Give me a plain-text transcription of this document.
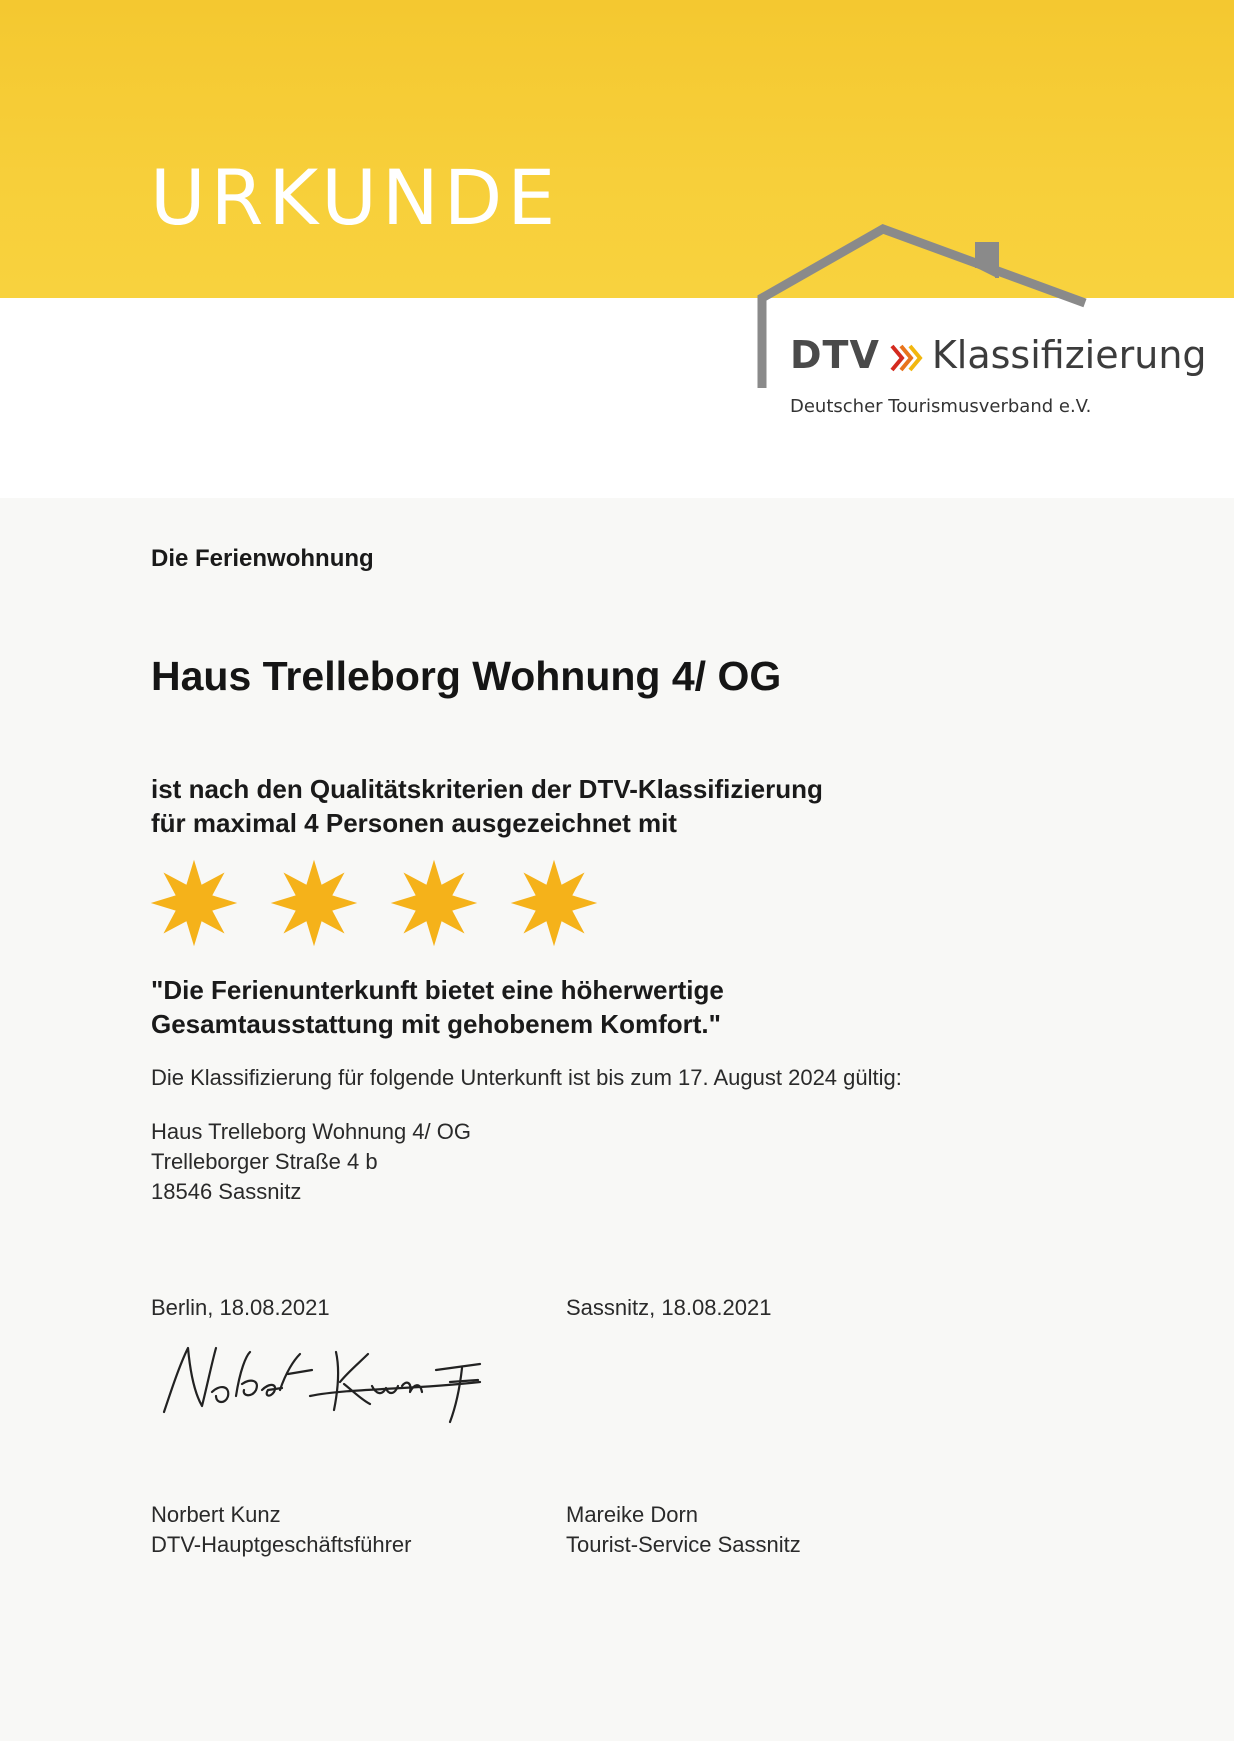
URKUNDE
DTV Klassifizierung
Deutscher Tourismusverband e.V.
Die Ferienwohnung
Haus Trelleborg Wohnung 4/ OG
ist nach den Qualitätskriterien der DTV-Klassifizierung
für maximal 4 Personen ausgezeichnet mit
"Die Ferienunterkunft bietet eine höherwertige
Gesamtausstattung mit gehobenem Komfort."
Die Klassifizierung für folgende Unterkunft ist bis zum 17. August 2024 gültig:
Haus Trelleborg Wohnung 4/ OG
Trelleborger Straße 4 b
18546 Sassnitz
Berlin, 18.08.2021	Sassnitz, 18.08.2021
Norbert Kunz
DTV-Hauptgeschäftsführer
Mareike Dorn
Tourist-Service Sassnitz
